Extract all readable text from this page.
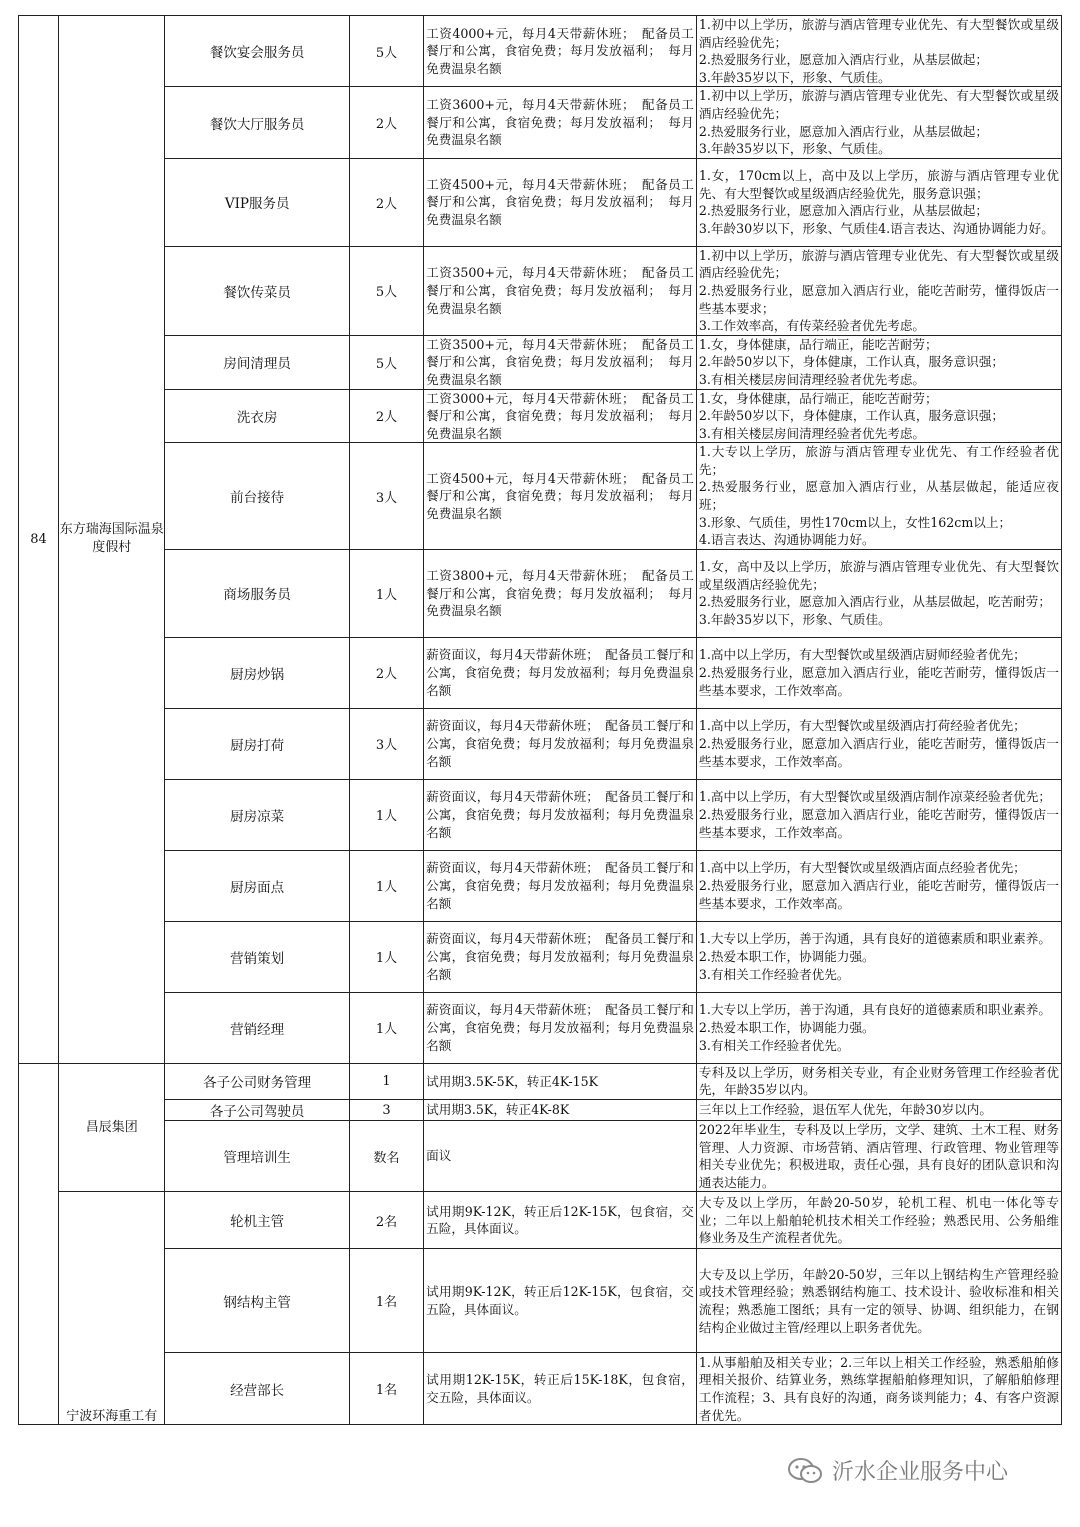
84	东方瑞海国际温泉度假村	餐饮宴会服务员	5人	工资4000+元，每月4天带薪休班；　配备员工餐厅和公寓，食宿免费；每月发放福利；　每月免费温泉名额	1.初中以上学历，旅游与酒店管理专业优先、有大型餐饮或星级酒店经验优先；
2.热爱服务行业，愿意加入酒店行业，从基层做起；
3.年龄35岁以下，形象、气质佳。
		餐饮大厅服务员	2人	工资3600+元，每月4天带薪休班；　配备员工餐厅和公寓，食宿免费；每月发放福利；　每月免费温泉名额	1.初中以上学历，旅游与酒店管理专业优先、有大型餐饮或星级酒店经验优先；
2.热爱服务行业，愿意加入酒店行业，从基层做起；
3.年龄35岁以下，形象、气质佳。
		VIP服务员	2人	工资4500+元，每月4天带薪休班；　配备员工餐厅和公寓，食宿免费；每月发放福利；　每月免费温泉名额	1.女，170cm以上，高中及以上学历，旅游与酒店管理专业优先、有大型餐饮或星级酒店经验优先，服务意识强；
2.热爱服务行业，愿意加入酒店行业，从基层做起；
3.年龄30岁以下，形象、气质佳4.语言表达、沟通协调能力好。
		餐饮传菜员	5人	工资3500+元，每月4天带薪休班；　配备员工餐厅和公寓，食宿免费；每月发放福利；　每月免费温泉名额	1.初中以上学历，旅游与酒店管理专业优先、有大型餐饮或星级酒店经验优先；
2.热爱服务行业，愿意加入酒店行业，能吃苦耐劳，懂得饭店一些基本要求；
3.工作效率高，有传菜经验者优先考虑。
		房间清理员	5人	工资3500+元，每月4天带薪休班；　配备员工餐厅和公寓，食宿免费；每月发放福利；　每月免费温泉名额	1.女，身体健康，品行端正，能吃苦耐劳；
2.年龄50岁以下，身体健康，工作认真，服务意识强；
3.有相关楼层房间清理经验者优先考虑。
		洗衣房	2人	工资3000+元，每月4天带薪休班；　配备员工餐厅和公寓，食宿免费；每月发放福利；　每月免费温泉名额	1.女，身体健康，品行端正，能吃苦耐劳；
2.年龄50岁以下，身体健康，工作认真，服务意识强；
3.有相关楼层房间清理经验者优先考虑。
		前台接待	3人	工资4500+元，每月4天带薪休班；　配备员工餐厅和公寓，食宿免费；每月发放福利；　每月免费温泉名额	1.大专以上学历，旅游与酒店管理专业优先、有工作经验者优先；
2.热爱服务行业，愿意加入酒店行业，从基层做起，能适应夜班；
3.形象、气质佳，男性170cm以上，女性162cm以上；
4.语言表达、沟通协调能力好。
		商场服务员	1人	工资3800+元，每月4天带薪休班；　配备员工餐厅和公寓，食宿免费；每月发放福利；　每月免费温泉名额	1.女，高中及以上学历，旅游与酒店管理专业优先、有大型餐饮或星级酒店经验优先；
2.热爱服务行业，愿意加入酒店行业，从基层做起，吃苦耐劳；
3.年龄35岁以下，形象、气质佳。
		厨房炒锅	2人	薪资面议，每月4天带薪休班；　配备员工餐厅和公寓，食宿免费；每月发放福利；每月免费温泉名额	1.高中以上学历，有大型餐饮或星级酒店厨师经验者优先；
2.热爱服务行业，愿意加入酒店行业，能吃苦耐劳，懂得饭店一些基本要求，工作效率高。
		厨房打荷	3人	薪资面议，每月4天带薪休班；　配备员工餐厅和公寓，食宿免费；每月发放福利；每月免费温泉名额	1.高中以上学历，有大型餐饮或星级酒店打荷经验者优先；
2.热爱服务行业，愿意加入酒店行业，能吃苦耐劳，懂得饭店一些基本要求，工作效率高。
		厨房凉菜	1人	薪资面议，每月4天带薪休班；　配备员工餐厅和公寓，食宿免费；每月发放福利；每月免费温泉名额	1.高中以上学历，有大型餐饮或星级酒店制作凉菜经验者优先；
2.热爱服务行业，愿意加入酒店行业，能吃苦耐劳，懂得饭店一些基本要求，工作效率高。
		厨房面点	1人	薪资面议，每月4天带薪休班；　配备员工餐厅和公寓，食宿免费；每月发放福利；每月免费温泉名额	1.高中以上学历，有大型餐饮或星级酒店面点经验者优先；
2.热爱服务行业，愿意加入酒店行业，能吃苦耐劳，懂得饭店一些基本要求，工作效率高。
		营销策划	1人	薪资面议，每月4天带薪休班；　配备员工餐厅和公寓，食宿免费；每月发放福利；每月免费温泉名额	1.大专以上学历，善于沟通，具有良好的道德素质和职业素养。
2.热爱本职工作，协调能力强。
3.有相关工作经验者优先。
		营销经理	1人	薪资面议，每月4天带薪休班；　配备员工餐厅和公寓，食宿免费；每月发放福利；每月免费温泉名额	1.大专以上学历，善于沟通，具有良好的道德素质和职业素养。
2.热爱本职工作，协调能力强。
3.有相关工作经验者优先。
	昌辰集团	各子公司财务管理	1	试用期3.5K-5K，转正4K-15K	专科及以上学历，财务相关专业，有企业财务管理工作经验者优先，年龄35岁以内。
		各子公司驾驶员	3	试用期3.5K，转正4K-8K	三年以上工作经验，退伍军人优先，年龄30岁以内。
		管理培训生	数名	面议	2022年毕业生，专科及以上学历，文学、建筑、土木工程、财务管理、人力资源、市场营销、酒店管理、行政管理、物业管理等相关专业优先；积极进取，责任心强，具有良好的团队意识和沟通表达能力。
	宁波环海重工有	轮机主管	2名	试用期9K-12K，转正后12K-15K，包食宿，交五险，具体面议。	大专及以上学历，年龄20-50岁，轮机工程、机电一体化等专业；二年以上船舶轮机技术相关工作经验；熟悉民用、公务船维修业务及生产流程者优先。
		钢结构主管	1名	试用期9K-12K，转正后12K-15K，包食宿，交五险，具体面议。	大专及以上学历，年龄20-50岁，三年以上钢结构生产管理经验或技术管理经验；熟悉钢结构施工、技术设计、验收标准和相关流程；熟悉施工图纸；具有一定的领导、协调、组织能力，在钢结构企业做过主管/经理以上职务者优先。
		经营部长	1名	试用期12K-15K，转正后15K-18K，包食宿，交五险，具体面议。	1.从事船舶及相关专业；2.三年以上相关工作经验，熟悉船舶修理相关报价、结算业务，熟练掌握船舶修理知识，了解船舶修理工作流程；3、具有良好的沟通，商务谈判能力；4、有客户资源者优先。
沂水企业服务中心
